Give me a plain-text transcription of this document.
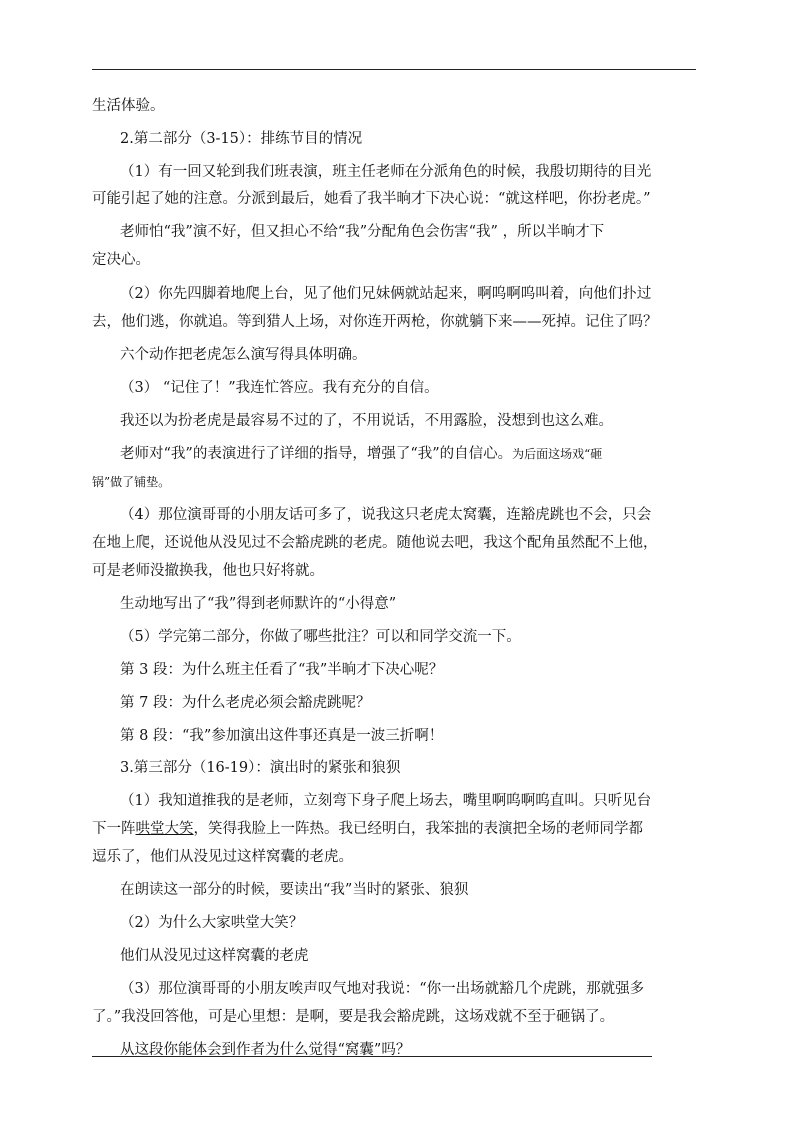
生活体验。
2.第二部分（3-15）：排练节目的情况
（1）有一回又轮到我们班表演，班主任老师在分派角色的时候，我殷切期待的目光
可能引起了她的注意。分派到最后，她看了我半晌才下决心说：“就这样吧，你扮老虎。”
老师怕“我”演不好，但又担心不给“我”分配角色会伤害“我” ，所以半晌才下
定决心。
（2）你先四脚着地爬上台，见了他们兄妹俩就站起来，啊呜啊呜叫着，向他们扑过
去，他们逃，你就追。等到猎人上场，对你连开两枪，你就躺下来——死掉。记住了吗？
六个动作把老虎怎么演写得具体明确。
（3） “记住了！”我连忙答应。我有充分的自信。
我还以为扮老虎是最容易不过的了，不用说话，不用露脸，没想到也这么难。
老师对“我”的表演进行了详细的指导，增强了“我”的自信心。为后面这场戏“砸
锅”做了铺垫。
（4）那位演哥哥的小朋友话可多了，说我这只老虎太窝囊，连豁虎跳也不会，只会
在地上爬，还说他从没见过不会豁虎跳的老虎。随他说去吧，我这个配角虽然配不上他，
可是老师没撤换我，他也只好将就。
生动地写出了“我”得到老师默许的“小得意”
（5）学完第二部分，你做了哪些批注？可以和同学交流一下。
第 3 段：为什么班主任看了“我”半晌才下决心呢？
第 7 段：为什么老虎必须会豁虎跳呢？
第 8 段：“我”参加演出这件事还真是一波三折啊！
3.第三部分（16-19）：演出时的紧张和狼狈
（1）我知道推我的是老师，立刻弯下身子爬上场去，嘴里啊呜啊呜直叫。只听见台
下一阵哄堂大笑，笑得我脸上一阵热。我已经明白，我笨拙的表演把全场的老师同学都
逗乐了，他们从没见过这样窝囊的老虎。
在朗读这一部分的时候，要读出“我”当时的紧张、狼狈
（2）为什么大家哄堂大笑？
他们从没见过这样窝囊的老虎
（3）那位演哥哥的小朋友唉声叹气地对我说：“你一出场就豁几个虎跳，那就强多
了。”我没回答他，可是心里想：是啊，要是我会豁虎跳，这场戏就不至于砸锅了。
从这段你能体会到作者为什么觉得“窝囊”吗？
